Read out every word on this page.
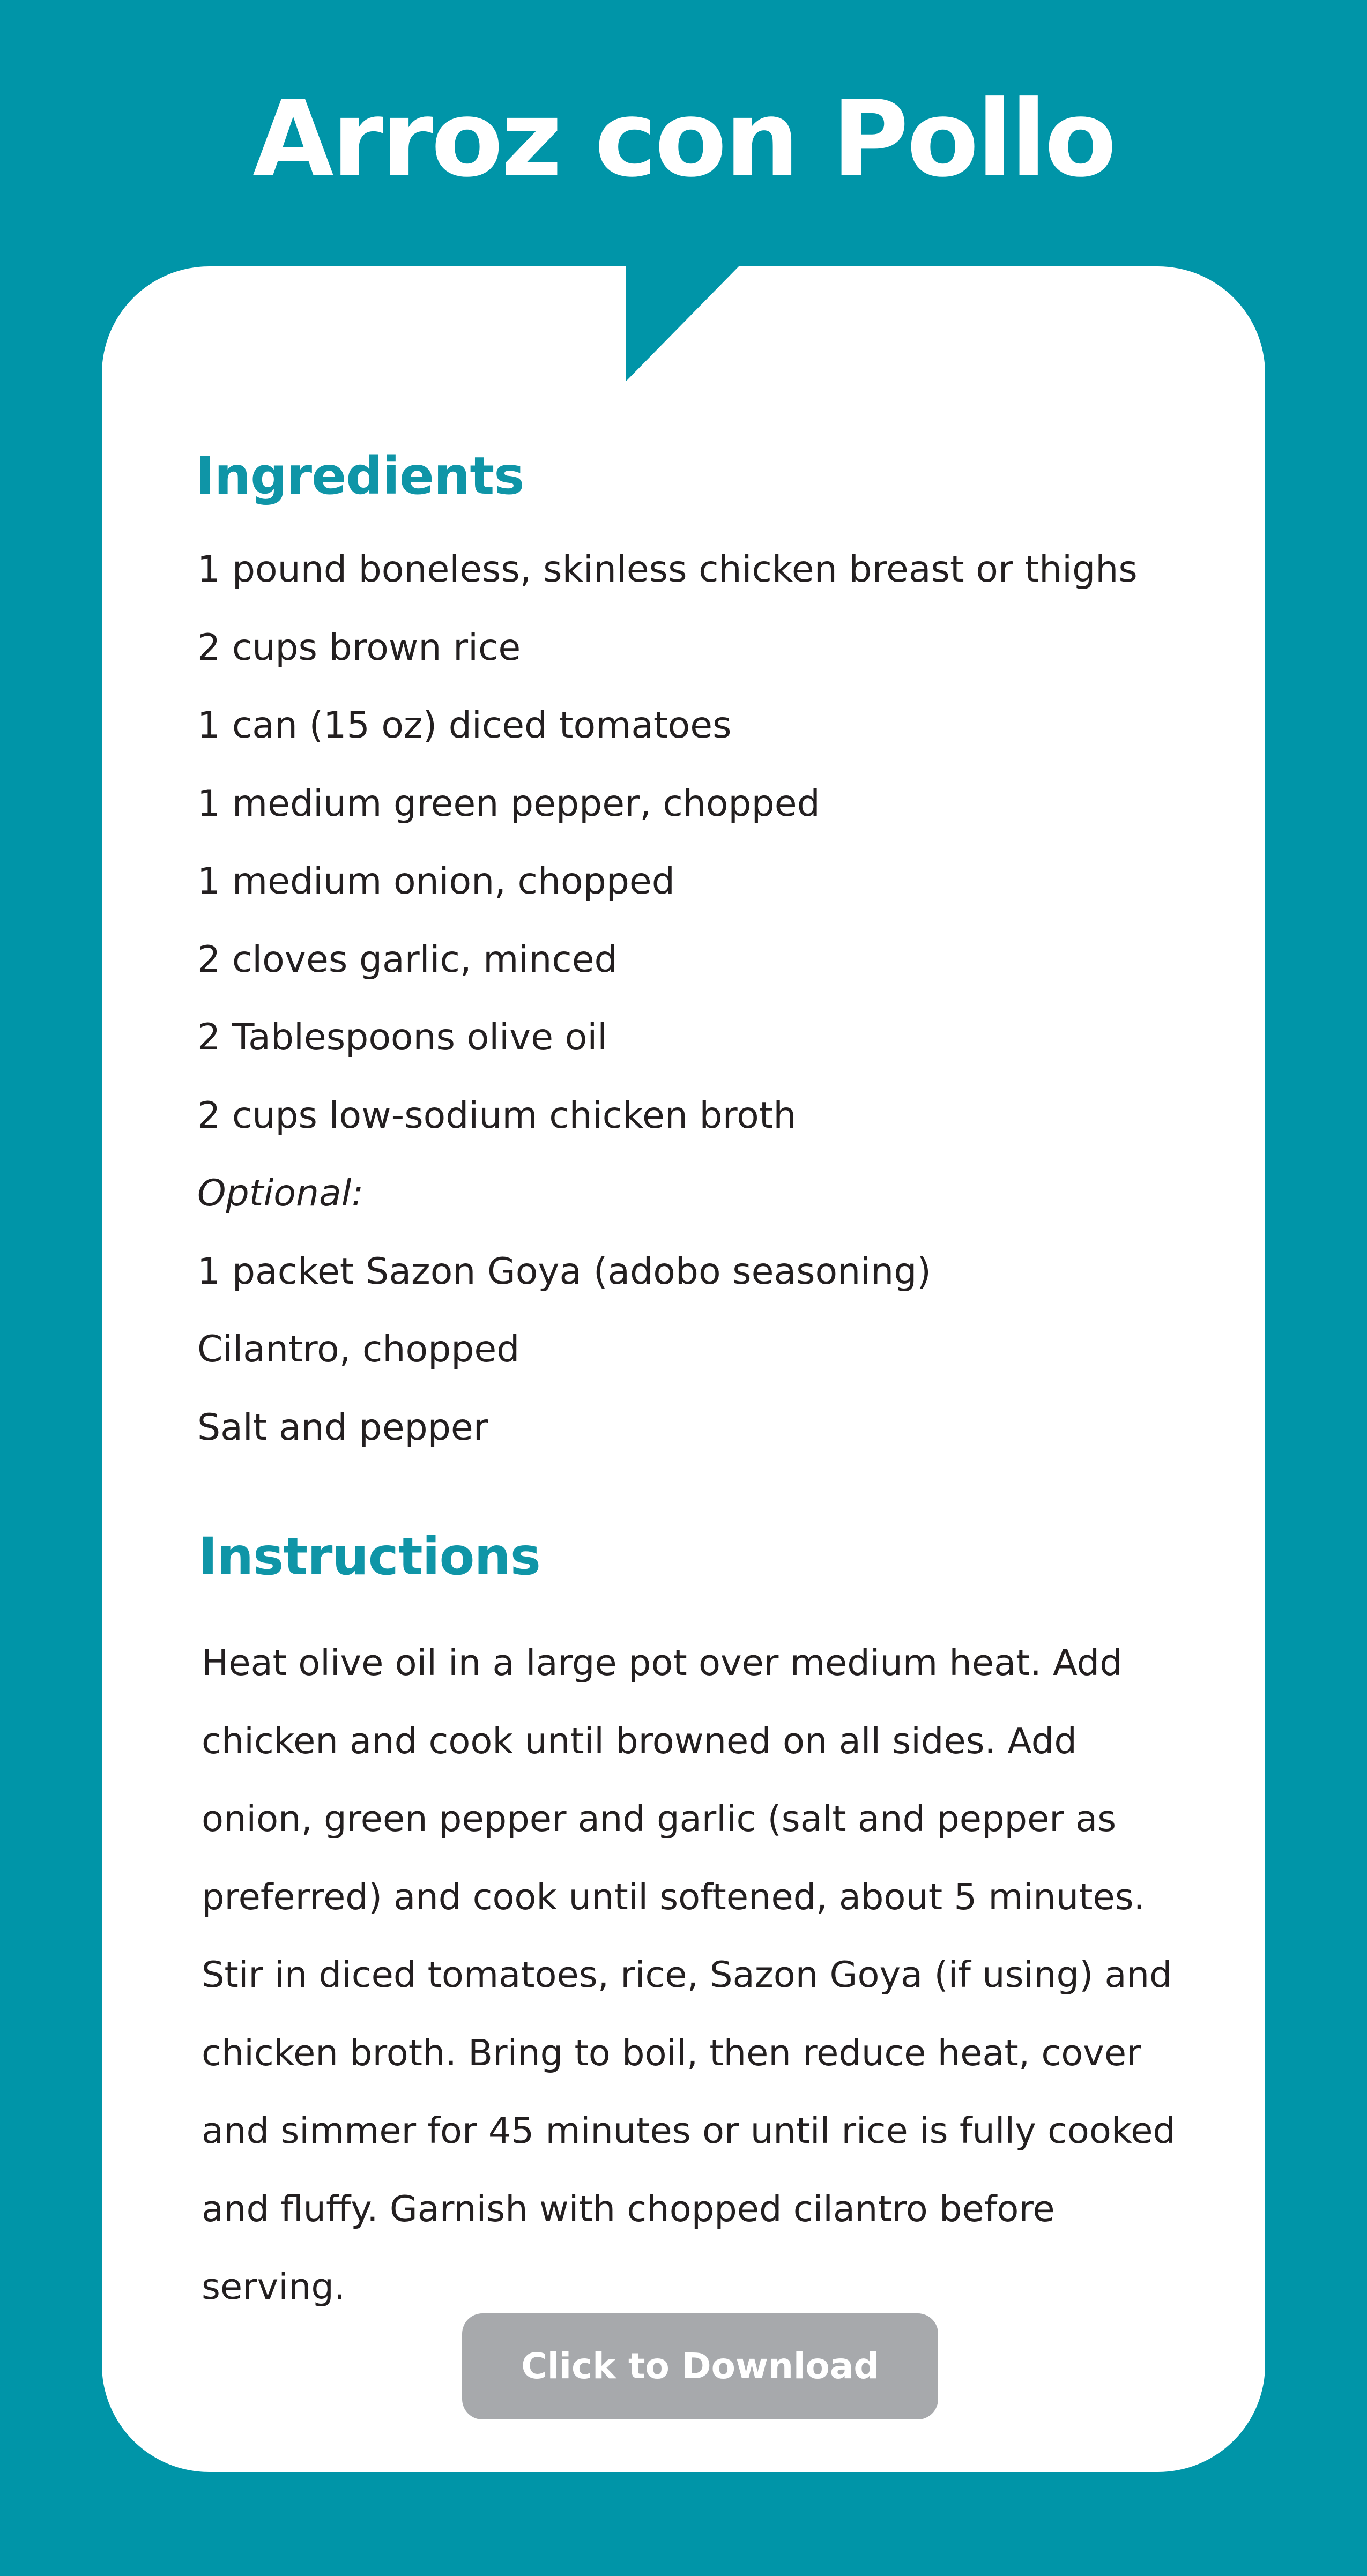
Arroz con Pollo
Ingredients
1 pound boneless, skinless chicken breast or thighs
2 cups brown rice
1 can (15 oz) diced tomatoes
1 medium green pepper, chopped
1 medium onion, chopped
2 cloves garlic, minced
2 Tablespoons olive oil
2 cups low-sodium chicken broth
Optional:
1 packet Sazon Goya (adobo seasoning)
Cilantro, chopped
Salt and pepper
Instructions

Heat olive oil in a large pot over medium heat. Add chicken and cook until browned on all sides. Add onion, green pepper and garlic (salt and pepper as preferred) and cook until softened, about 5 minutes. Stir in diced tomatoes, rice, Sazon Goya (if using) and chicken broth. Bring to boil, then reduce heat, cover and simmer for 45 minutes or until rice is fully cooked and fluffy. Garnish with chopped cilantro before serving.

Click to Download
